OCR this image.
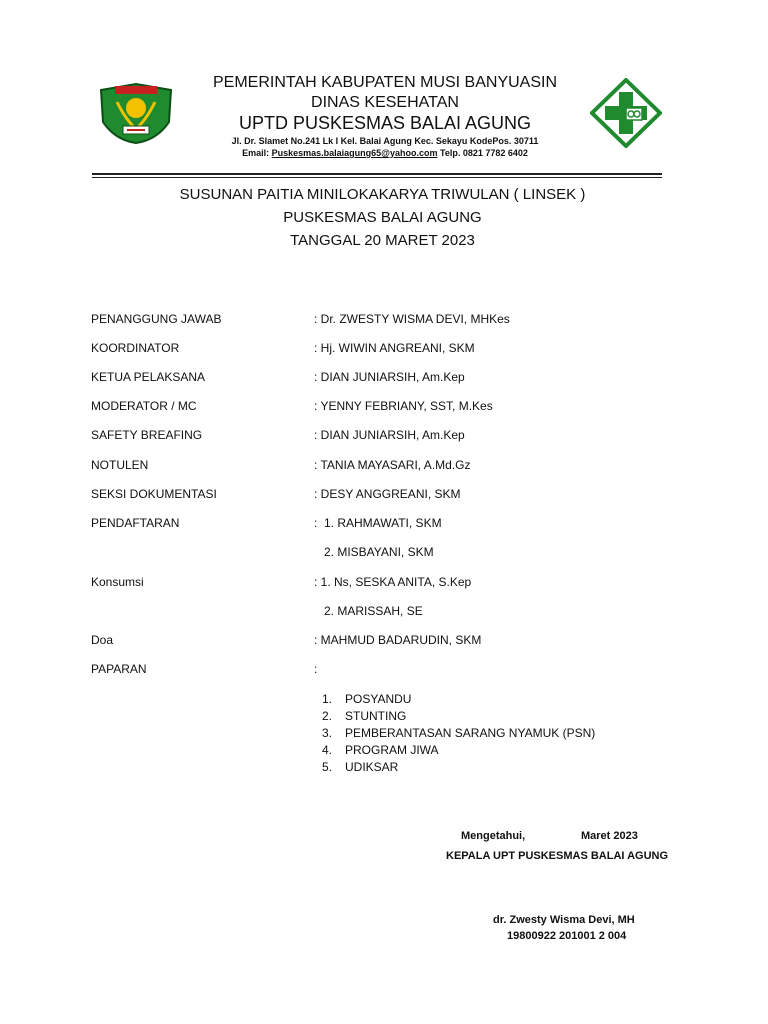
PEMERINTAH KABUPATEN MUSI BANYUASIN
DINAS KESEHATAN
UPTD PUSKESMAS BALAI AGUNG
Jl. Dr. Slamet No.241 Lk I Kel. Balai Agung Kec. Sekayu KodePos. 30711
Email: Puskesmas.balaiagung65@yahoo.com Telp. 0821 7782 6402
SUSUNAN PAITIA MINILOKAKARYA TRIWULAN ( LINSEK )
PUSKESMAS BALAI AGUNG
TANGGAL 20 MARET 2023
PENANGGUNG JAWAB	: Dr. ZWESTY WISMA DEVI, MHKes
KOORDINATOR	: Hj. WIWIN ANGREANI, SKM
KETUA PELAKSANA	: DIAN JUNIARSIH, Am.Kep
MODERATOR / MC	: YENNY FEBRIANY, SST, M.Kes
SAFETY BREAFING	: DIAN JUNIARSIH, Am.Kep
NOTULEN	: TANIA MAYASARI, A.Md.Gz
SEKSI DOKUMENTASI	: DESY ANGGREANI, SKM
PENDAFTARAN	:  1. RAHMAWATI, SKM
2. MISBAYANI, SKM
Konsumsi	: 1. Ns, SESKA ANITA, S.Kep
2. MARISSAH, SE
Doa	: MAHMUD BADARUDIN, SKM
PAPARAN	:
1. POSYANDU
2. STUNTING
3. PEMBERANTASAN SARANG NYAMUK (PSN)
4. PROGRAM JIWA
5. UDIKSAR
Mengetahui,	Maret 2023
KEPALA UPT PUSKESMAS BALAI AGUNG
dr. Zwesty Wisma Devi, MH
19800922 201001 2 004
